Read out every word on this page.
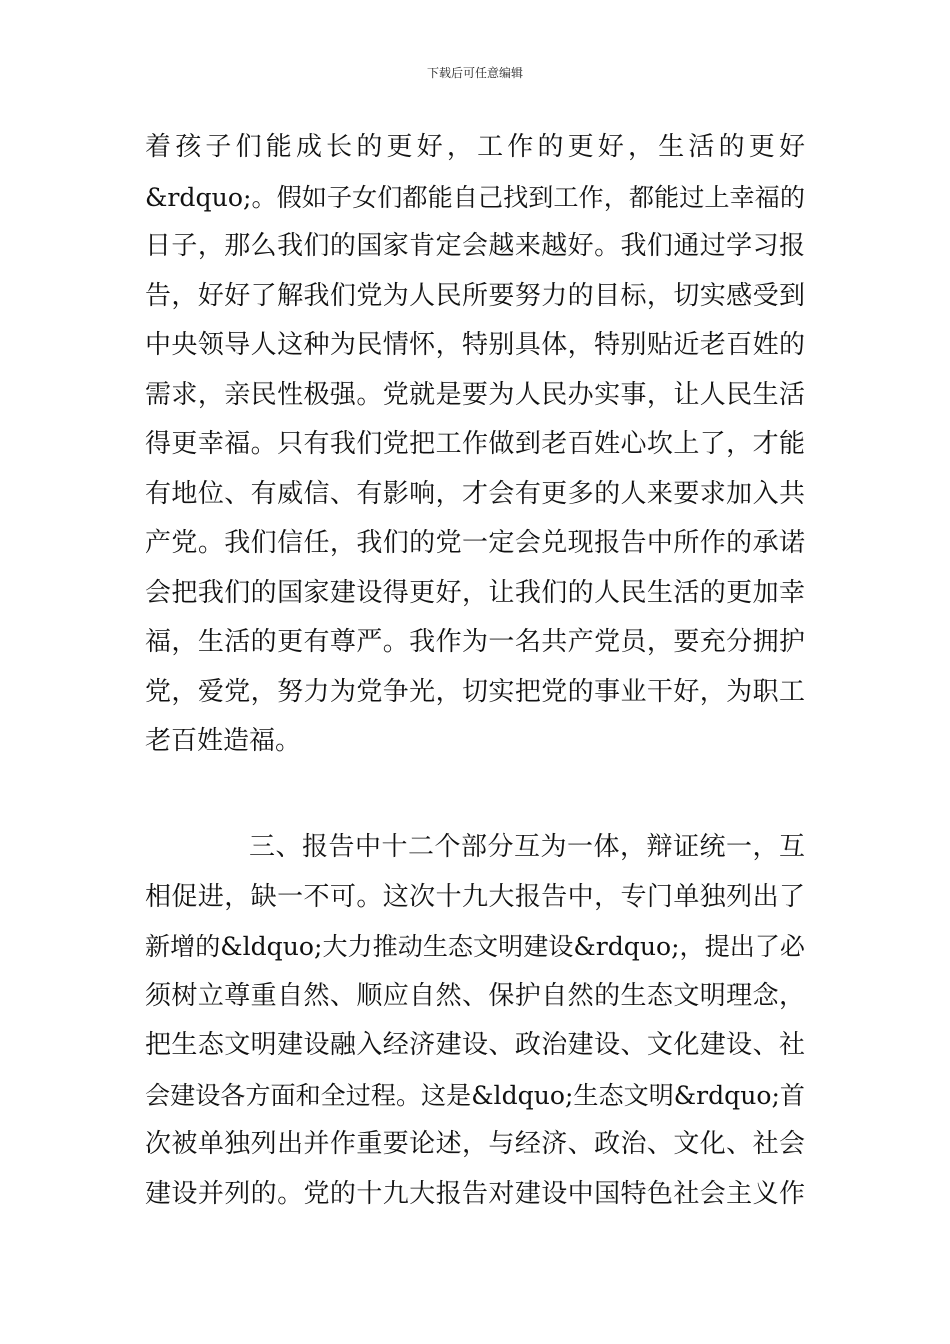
下载后可任意编辑
着孩子们能成长的更好，工作的更好，生活的更好
&rdquo;。假如子女们都能自己找到工作，都能过上幸福的
日子，那么我们的国家肯定会越来越好。我们通过学习报
告，好好了解我们党为人民所要努力的目标，切实感受到
中央领导人这种为民情怀，特别具体，特别贴近老百姓的
需求，亲民性极强。党就是要为人民办实事，让人民生活
得更幸福。只有我们党把工作做到老百姓心坎上了，才能
有地位、有威信、有影响，才会有更多的人来要求加入共
产党。我们信任，我们的党一定会兑现报告中所作的承诺
会把我们的国家建设得更好，让我们的人民生活的更加幸
福，生活的更有尊严。我作为一名共产党员，要充分拥护
党，爱党，努力为党争光，切实把党的事业干好，为职工
老百姓造福。
三、报告中十二个部分互为一体，辩证统一，互
相促进，缺一不可。这次十九大报告中，专门单独列出了
新增的&ldquo;大力推动生态文明建设&rdquo;，提出了必
须树立尊重自然、顺应自然、保护自然的生态文明理念，
把生态文明建设融入经济建设、政治建设、文化建设、社
会建设各方面和全过程。这是&ldquo;生态文明&rdquo;首
次被单独列出并作重要论述，与经济、政治、文化、社会
建设并列的。党的十九大报告对建设中国特色社会主义作
